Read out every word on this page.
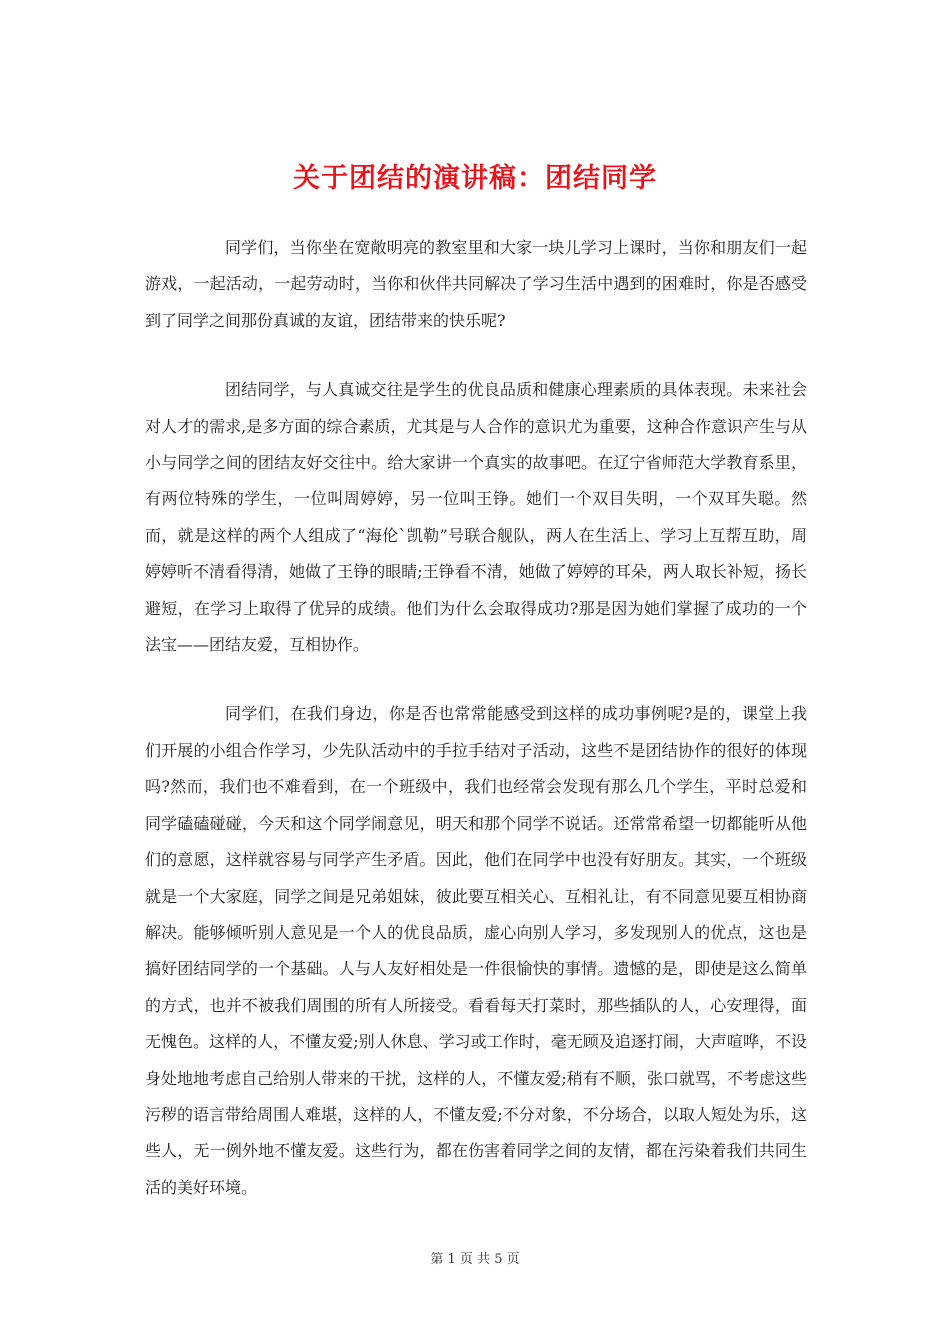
关于团结的演讲稿：团结同学

同学们，当你坐在宽敞明亮的教室里和大家一块儿学习上课时，当你和朋友们一起游戏，一起活动，一起劳动时，当你和伙伴共同解决了学习生活中遇到的困难时，你是否感受到了同学之间那份真诚的友谊，团结带来的快乐呢?

团结同学，与人真诚交往是学生的优良品质和健康心理素质的具体表现。未来社会对人才的需求,是多方面的综合素质，尤其是与人合作的意识尤为重要，这种合作意识产生与从小与同学之间的团结友好交往中。给大家讲一个真实的故事吧。在辽宁省师范大学教育系里，有两位特殊的学生，一位叫周婷婷，另一位叫王铮。她们一个双目失明，一个双耳失聪。然而，就是这样的两个人组成了“海伦`凯勒”号联合舰队，两人在生活上、学习上互帮互助，周婷婷听不清看得清，她做了王铮的眼睛;王铮看不清，她做了婷婷的耳朵，两人取长补短，扬长避短，在学习上取得了优异的成绩。他们为什么会取得成功?那是因为她们掌握了成功的一个法宝——团结友爱，互相协作。

同学们，在我们身边，你是否也常常能感受到这样的成功事例呢?是的，课堂上我们开展的小组合作学习，少先队活动中的手拉手结对子活动，这些不是团结协作的很好的体现吗?然而，我们也不难看到，在一个班级中，我们也经常会发现有那么几个学生，平时总爱和同学磕磕碰碰，今天和这个同学闹意见，明天和那个同学不说话。还常常希望一切都能听从他们的意愿，这样就容易与同学产生矛盾。因此，他们在同学中也没有好朋友。其实，一个班级就是一个大家庭，同学之间是兄弟姐妹，彼此要互相关心、互相礼让，有不同意见要互相协商解决。能够倾听别人意见是一个人的优良品质，虚心向别人学习，多发现别人的优点，这也是搞好团结同学的一个基础。人与人友好相处是一件很愉快的事情。遗憾的是，即使是这么简单的方式，也并不被我们周围的所有人所接受。看看每天打菜时，那些插队的人，心安理得，面无愧色。这样的人，不懂友爱;别人休息、学习或工作时，毫无顾及追逐打闹，大声喧哗，不设身处地地考虑自己给别人带来的干扰，这样的人，不懂友爱;稍有不顺，张口就骂，不考虑这些污秽的语言带给周围人难堪，这样的人，不懂友爱;不分对象，不分场合，以取人短处为乐，这些人，无一例外地不懂友爱。这些行为，都在伤害着同学之间的友情，都在污染着我们共同生活的美好环境。

第 1 页 共 5 页
